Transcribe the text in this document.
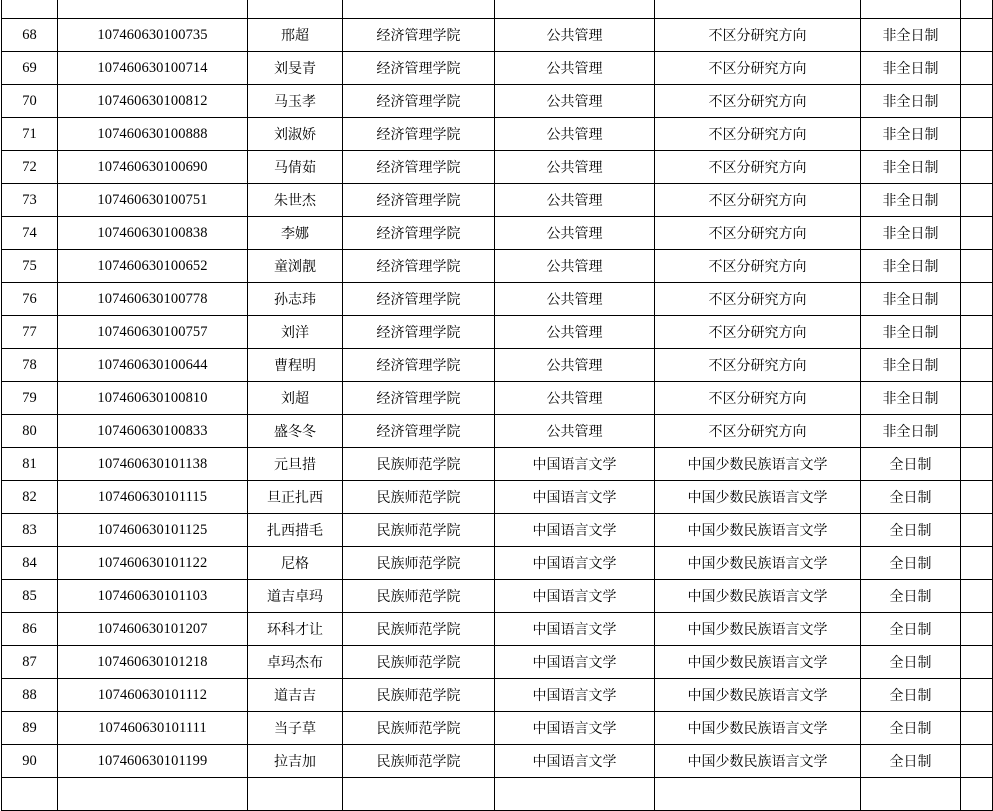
68	107460630100735	邢超	经济管理学院	公共管理	不区分研究方向	非全日制	
69	107460630100714	刘旻青	经济管理学院	公共管理	不区分研究方向	非全日制	
70	107460630100812	马玉孝	经济管理学院	公共管理	不区分研究方向	非全日制	
71	107460630100888	刘淑娇	经济管理学院	公共管理	不区分研究方向	非全日制	
72	107460630100690	马倩茹	经济管理学院	公共管理	不区分研究方向	非全日制	
73	107460630100751	朱世杰	经济管理学院	公共管理	不区分研究方向	非全日制	
74	107460630100838	李娜	经济管理学院	公共管理	不区分研究方向	非全日制	
75	107460630100652	童浏靓	经济管理学院	公共管理	不区分研究方向	非全日制	
76	107460630100778	孙志玮	经济管理学院	公共管理	不区分研究方向	非全日制	
77	107460630100757	刘洋	经济管理学院	公共管理	不区分研究方向	非全日制	
78	107460630100644	曹程明	经济管理学院	公共管理	不区分研究方向	非全日制	
79	107460630100810	刘超	经济管理学院	公共管理	不区分研究方向	非全日制	
80	107460630100833	盛冬冬	经济管理学院	公共管理	不区分研究方向	非全日制	
81	107460630101138	元旦措	民族师范学院	中国语言文学	中国少数民族语言文学	全日制	
82	107460630101115	旦正扎西	民族师范学院	中国语言文学	中国少数民族语言文学	全日制	
83	107460630101125	扎西措毛	民族师范学院	中国语言文学	中国少数民族语言文学	全日制	
84	107460630101122	尼格	民族师范学院	中国语言文学	中国少数民族语言文学	全日制	
85	107460630101103	道吉卓玛	民族师范学院	中国语言文学	中国少数民族语言文学	全日制	
86	107460630101207	环科才让	民族师范学院	中国语言文学	中国少数民族语言文学	全日制	
87	107460630101218	卓玛杰布	民族师范学院	中国语言文学	中国少数民族语言文学	全日制	
88	107460630101112	道吉吉	民族师范学院	中国语言文学	中国少数民族语言文学	全日制	
89	107460630101111	当子草	民族师范学院	中国语言文学	中国少数民族语言文学	全日制	
90	107460630101199	拉吉加	民族师范学院	中国语言文学	中国少数民族语言文学	全日制	
